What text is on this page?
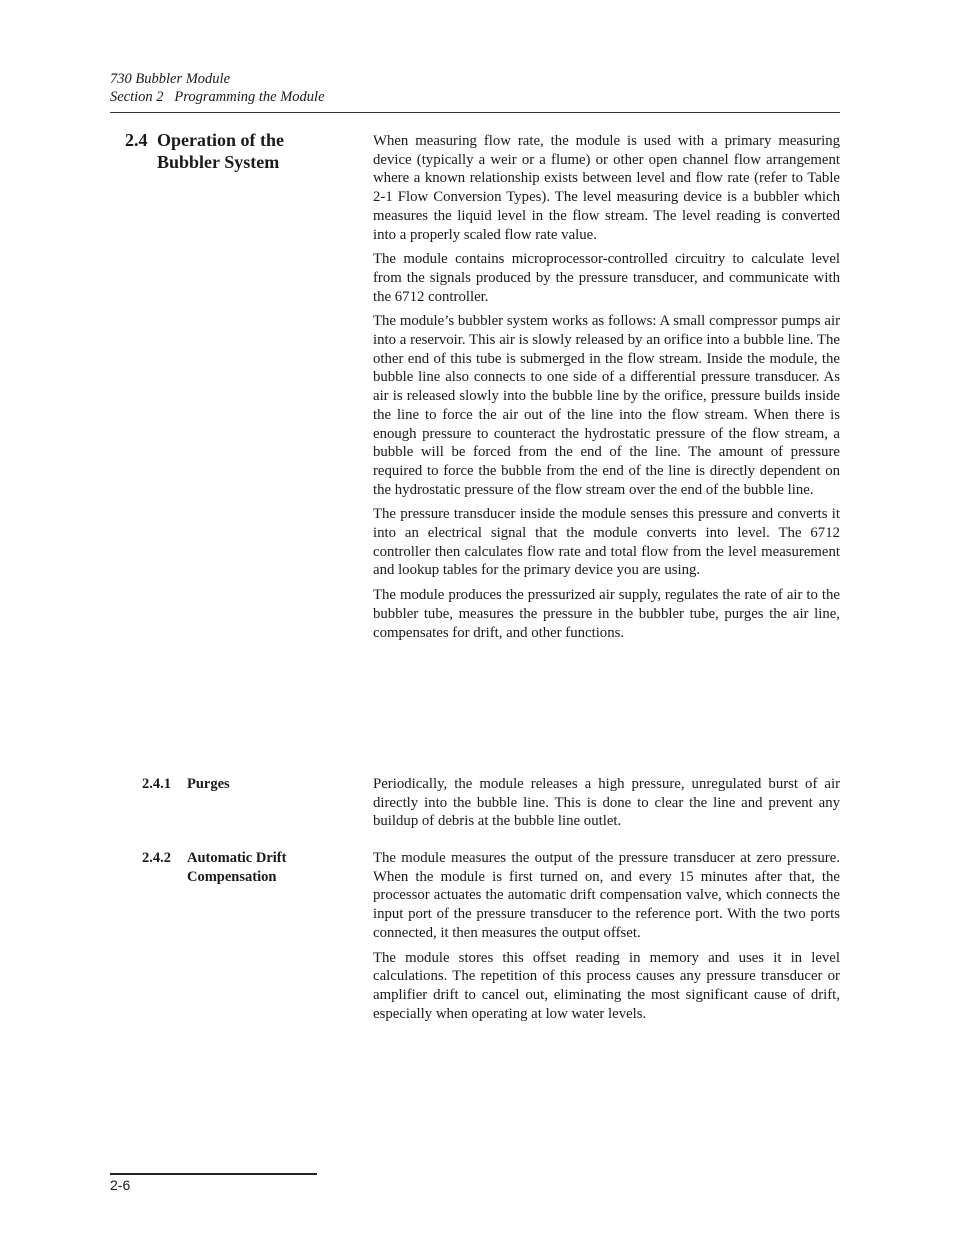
730 Bubbler Module
Section 2   Programming the Module
2.4 Operation of the Bubbler System

When measuring flow rate, the module is used with a primary measuring device (typically a weir or a flume) or other open channel flow arrangement where a known relationship exists between level and flow rate (refer to Table 2-1 Flow Conversion Types). The level measuring device is a bubbler which measures the liquid level in the flow stream. The level reading is converted into a properly scaled flow rate value.

The module contains microprocessor-controlled circuitry to calculate level from the signals produced by the pressure transducer, and communicate with the 6712 controller.

The module’s bubbler system works as follows: A small compressor pumps air into a reservoir. This air is slowly released by an orifice into a bubble line. The other end of this tube is submerged in the flow stream. Inside the module, the bubble line also connects to one side of a differential pressure transducer. As air is released slowly into the bubble line by the orifice, pressure builds inside the line to force the air out of the line into the flow stream. When there is enough pressure to counteract the hydrostatic pressure of the flow stream, a bubble will be forced from the end of the line. The amount of pressure required to force the bubble from the end of the line is directly dependent on the hydrostatic pressure of the flow stream over the end of the bubble line.

The pressure transducer inside the module senses this pressure and converts it into an electrical signal that the module converts into level. The 6712 controller then calculates flow rate and total flow from the level measurement and lookup tables for the primary device you are using.

The module produces the pressurized air supply, regulates the rate of air to the bubbler tube, measures the pressure in the bubbler tube, purges the air line, compensates for drift, and other functions.

2.4.1 Purges	Periodically, the module releases a high pressure, unregulated burst of air directly into the bubble line. This is done to clear the line and prevent any buildup of debris at the bubble line outlet.

2.4.2 Automatic Drift Compensation

The module measures the output of the pressure transducer at zero pressure. When the module is first turned on, and every 15 minutes after that, the processor actuates the automatic drift compensation valve, which connects the input port of the pressure transducer to the reference port. With the two ports connected, it then measures the output offset.

The module stores this offset reading in memory and uses it in level calculations. The repetition of this process causes any pressure transducer or amplifier drift to cancel out, eliminating the most significant cause of drift, especially when operating at low water levels.

2-6
